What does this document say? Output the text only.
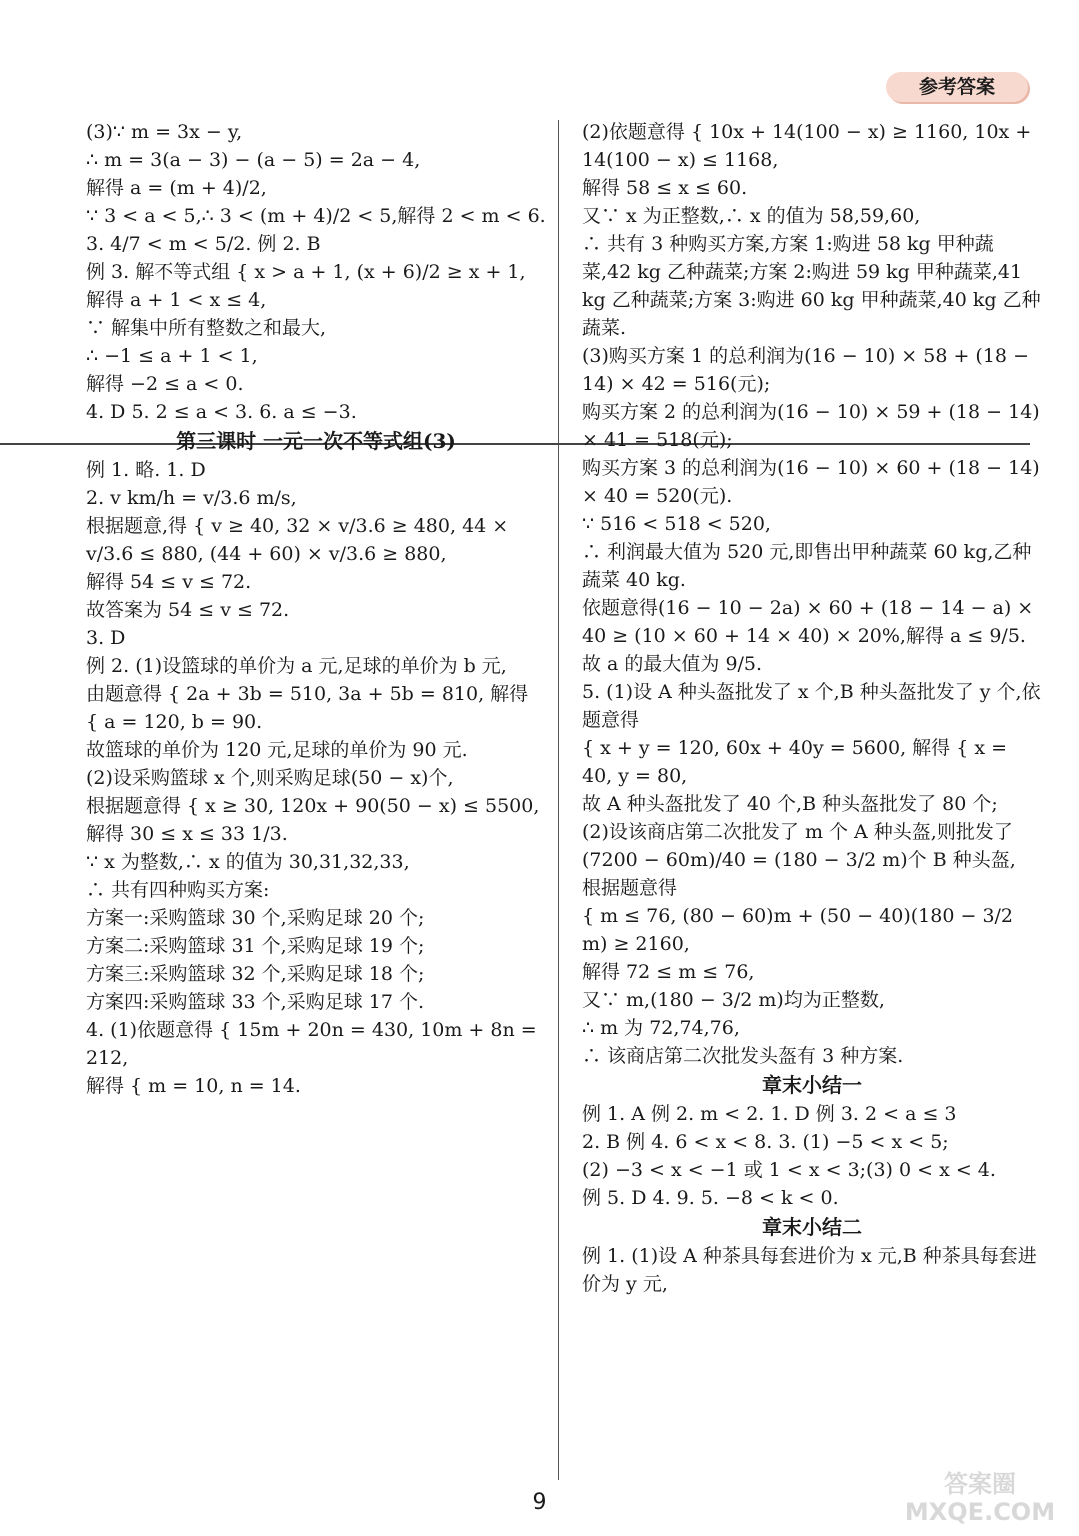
参考答案
(3)∵ m = 3x − y,
∴ m = 3(a − 3) − (a − 5) = 2a − 4,
解得 a = (m + 4)/2,
∵ 3 < a < 5,∴ 3 < (m + 4)/2 < 5,解得 2 < m < 6.
3. 4/7 < m < 5/2. 例 2. B
例 3. 解不等式组 { x > a + 1, (x + 6)/2 ≥ x + 1, 解得 a + 1 < x ≤ 4,
∵ 解集中所有整数之和最大,
∴ −1 ≤ a + 1 < 1,
解得 −2 ≤ a < 0.
4. D 5. 2 ≤ a < 3. 6. a ≤ −3.
第三课时 一元一次不等式组(3)
例 1. 略. 1. D
2. v km/h = v/3.6 m/s,
根据题意,得 { v ≥ 40, 32 × v/3.6 ≥ 480, 44 × v/3.6 ≤ 880, (44 + 60) × v/3.6 ≥ 880,
解得 54 ≤ v ≤ 72.
故答案为 54 ≤ v ≤ 72.
3. D
例 2. (1)设篮球的单价为 a 元,足球的单价为 b 元,
由题意得 { 2a + 3b = 510, 3a + 5b = 810, 解得 { a = 120, b = 90.
故篮球的单价为 120 元,足球的单价为 90 元.
(2)设采购篮球 x 个,则采购足球(50 − x)个,
根据题意得 { x ≥ 30, 120x + 90(50 − x) ≤ 5500,
解得 30 ≤ x ≤ 33 1/3.
∵ x 为整数,∴ x 的值为 30,31,32,33,
∴ 共有四种购买方案:
方案一:采购篮球 30 个,采购足球 20 个;
方案二:采购篮球 31 个,采购足球 19 个;
方案三:采购篮球 32 个,采购足球 18 个;
方案四:采购篮球 33 个,采购足球 17 个.
4. (1)依题意得 { 15m + 20n = 430, 10m + 8n = 212,
解得 { m = 10, n = 14.
(2)依题意得 { 10x + 14(100 − x) ≥ 1160, 10x + 14(100 − x) ≤ 1168,
解得 58 ≤ x ≤ 60.
又∵ x 为正整数,∴ x 的值为 58,59,60,
∴ 共有 3 种购买方案,方案 1:购进 58 kg 甲种蔬菜,42 kg 乙种蔬菜;方案 2:购进 59 kg 甲种蔬菜,41 kg 乙种蔬菜;方案 3:购进 60 kg 甲种蔬菜,40 kg 乙种蔬菜.
(3)购买方案 1 的总利润为(16 − 10) × 58 + (18 − 14) × 42 = 516(元);
购买方案 2 的总利润为(16 − 10) × 59 + (18 − 14) × 41 = 518(元);
购买方案 3 的总利润为(16 − 10) × 60 + (18 − 14) × 40 = 520(元).
∵ 516 < 518 < 520,
∴ 利润最大值为 520 元,即售出甲种蔬菜 60 kg,乙种蔬菜 40 kg.
依题意得(16 − 10 − 2a) × 60 + (18 − 14 − a) × 40 ≥ (10 × 60 + 14 × 40) × 20%,解得 a ≤ 9/5.
故 a 的最大值为 9/5.
5. (1)设 A 种头盔批发了 x 个,B 种头盔批发了 y 个,依题意得
{ x + y = 120, 60x + 40y = 5600, 解得 { x = 40, y = 80,
故 A 种头盔批发了 40 个,B 种头盔批发了 80 个;
(2)设该商店第二次批发了 m 个 A 种头盔,则批发了 (7200 − 60m)/40 = (180 − 3/2 m)个 B 种头盔,
根据题意得
{ m ≤ 76, (80 − 60)m + (50 − 40)(180 − 3/2 m) ≥ 2160,
解得 72 ≤ m ≤ 76,
又∵ m,(180 − 3/2 m)均为正整数,
∴ m 为 72,74,76,
∴ 该商店第二次批发头盔有 3 种方案.
章末小结一
例 1. A 例 2. m < 2. 1. D 例 3. 2 < a ≤ 3
2. B 例 4. 6 < x < 8. 3. (1) −5 < x < 5;
(2) −3 < x < −1 或 1 < x < 3;(3) 0 < x < 4.
例 5. D 4. 9. 5. −8 < k < 0.
章末小结二
例 1. (1)设 A 种茶具每套进价为 x 元,B 种茶具每套进价为 y 元,
9
答案圈
MXQE.COM
